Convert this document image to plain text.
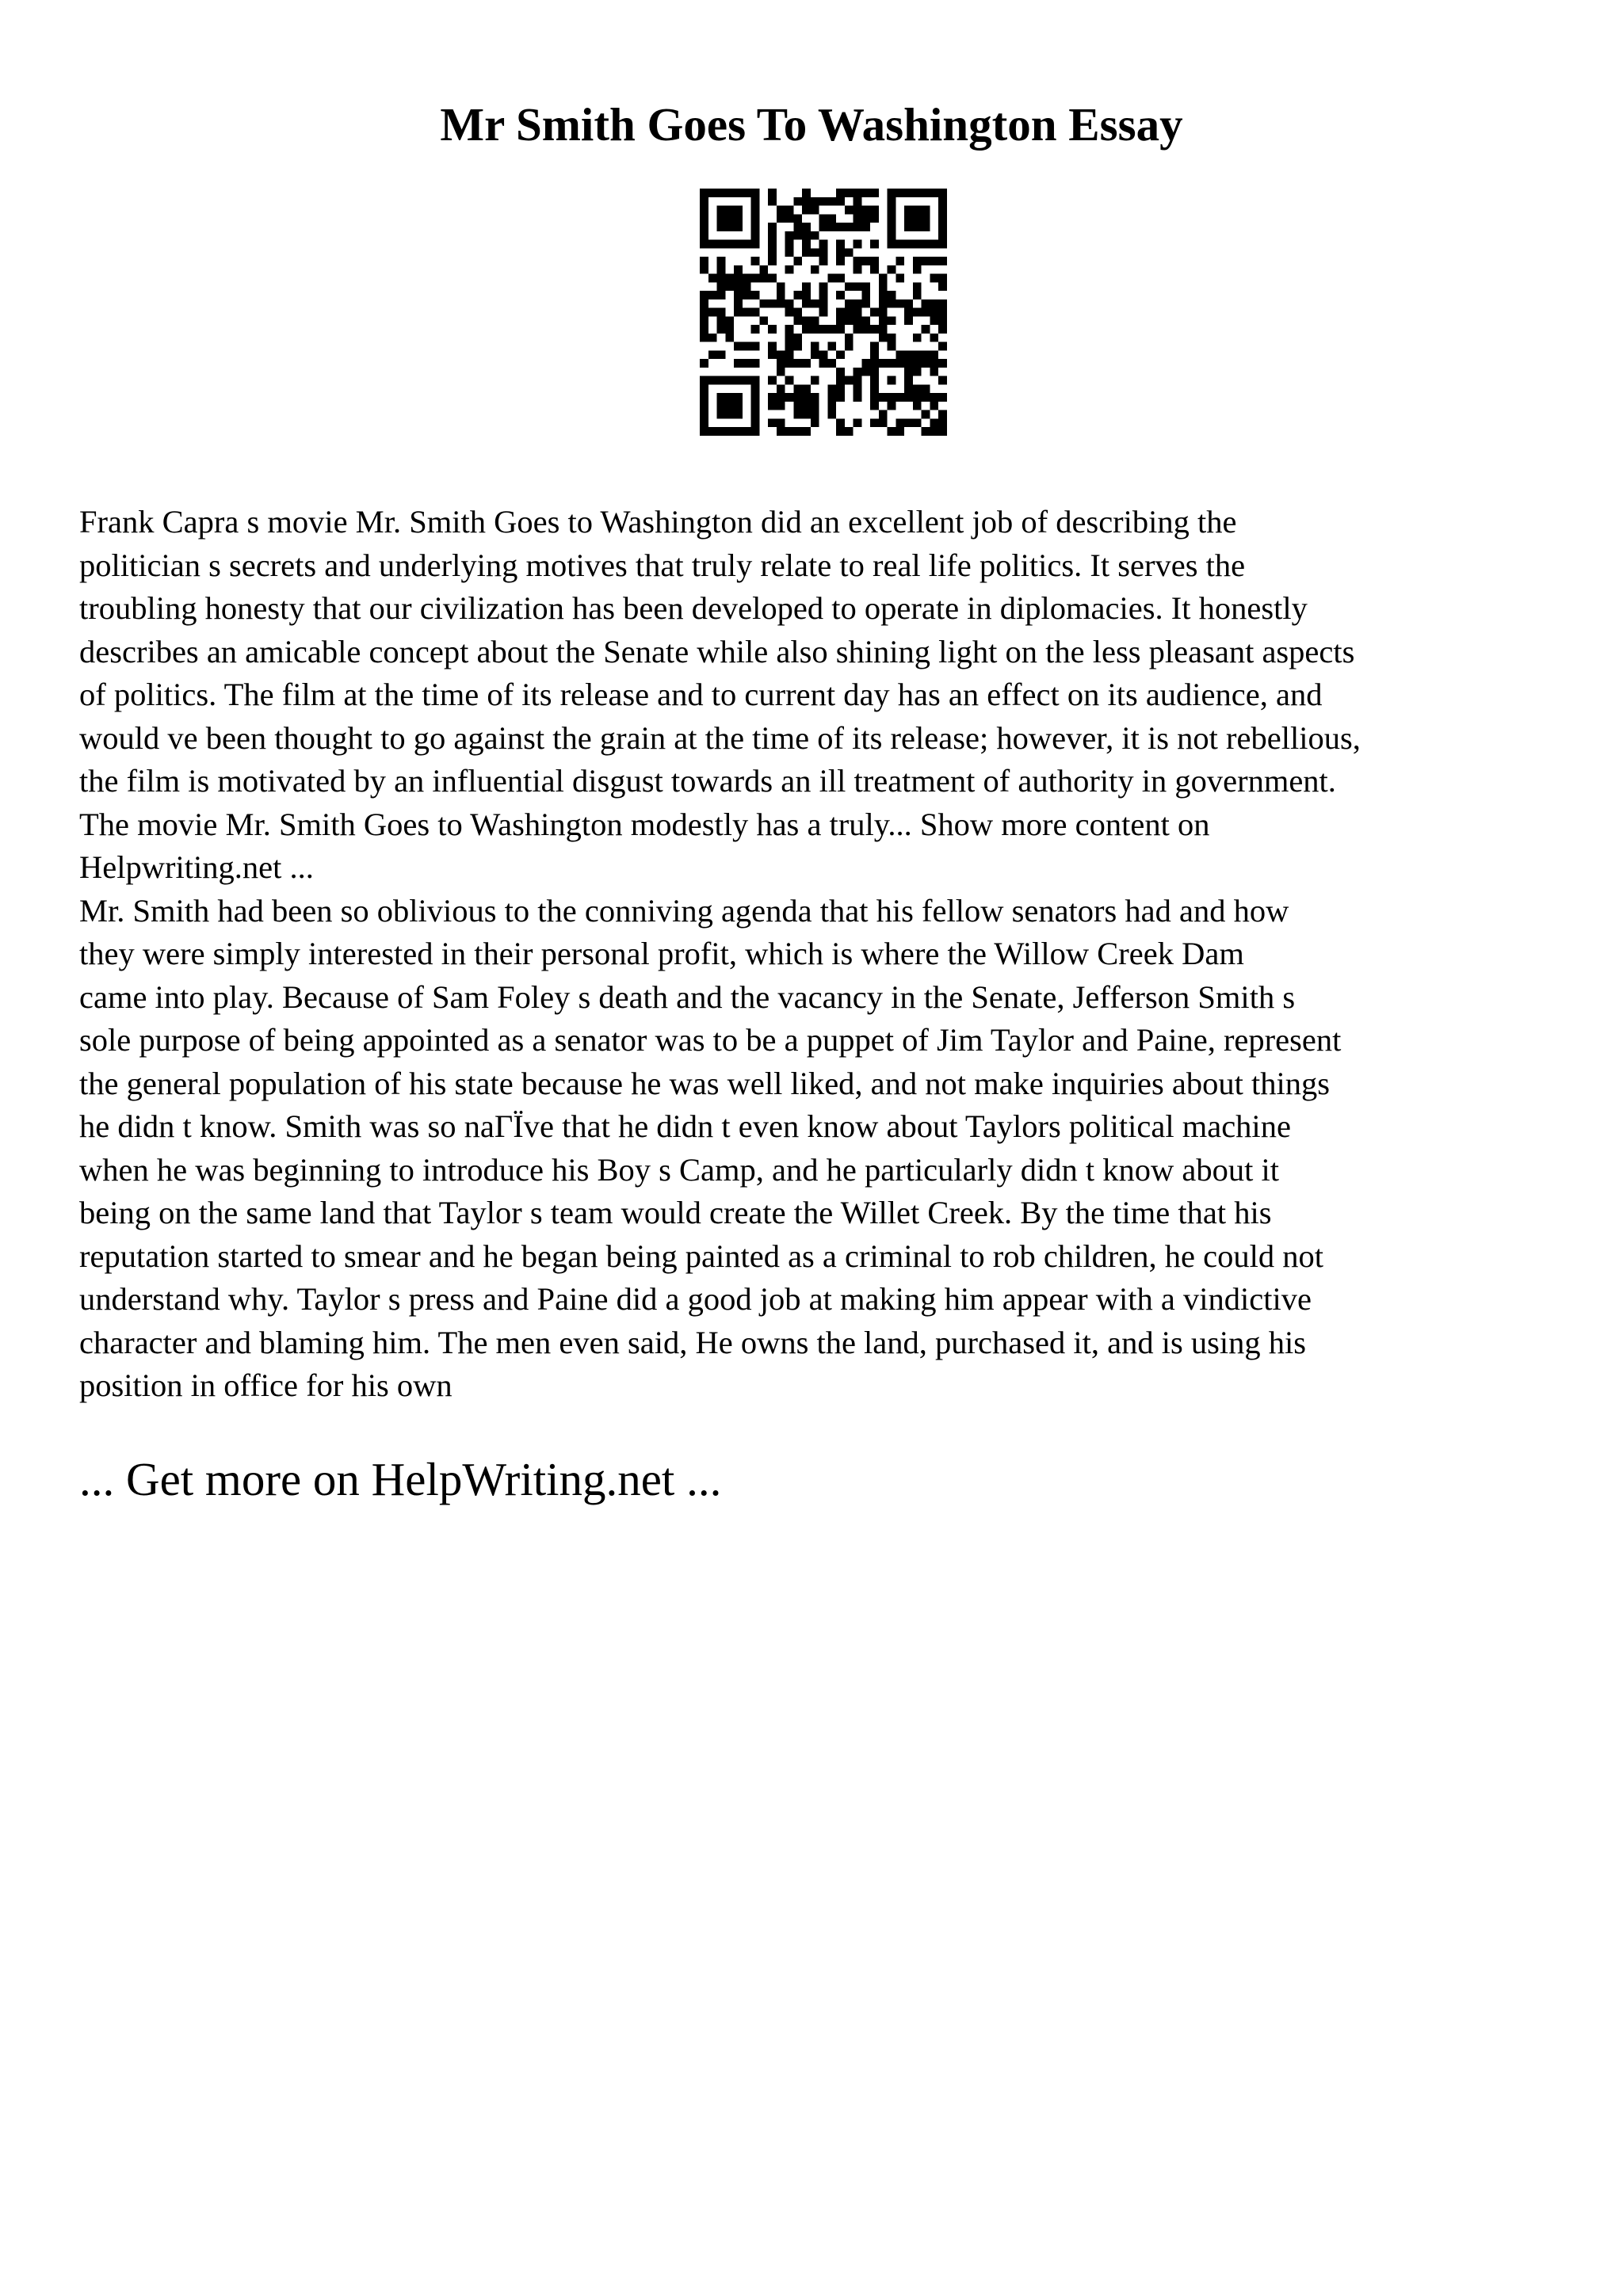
Mr Smith Goes To Washington Essay
Frank Capra s movie Mr. Smith Goes to Washington did an excellent job of describing the
politician s secrets and underlying motives that truly relate to real life politics. It serves the
troubling honesty that our civilization has been developed to operate in diplomacies. It honestly
describes an amicable concept about the Senate while also shining light on the less pleasant aspects
of politics. The film at the time of its release and to current day has an effect on its audience, and
would ve been thought to go against the grain at the time of its release; however, it is not rebellious,
the film is motivated by an influential disgust towards an ill treatment of authority in government.
The movie Mr. Smith Goes to Washington modestly has a truly... Show more content on
Helpwriting.net ...
Mr. Smith had been so oblivious to the conniving agenda that his fellow senators had and how
they were simply interested in their personal profit, which is where the Willow Creek Dam
came into play. Because of Sam Foley s death and the vacancy in the Senate, Jefferson Smith s
sole purpose of being appointed as a senator was to be a puppet of Jim Taylor and Paine, represent
the general population of his state because he was well liked, and not make inquiries about things
he didn t know. Smith was so naΓЇve that he didn t even know about Taylors political machine
when he was beginning to introduce his Boy s Camp, and he particularly didn t know about it
being on the same land that Taylor s team would create the Willet Creek. By the time that his
reputation started to smear and he began being painted as a criminal to rob children, he could not
understand why. Taylor s press and Paine did a good job at making him appear with a vindictive
character and blaming him. The men even said, He owns the land, purchased it, and is using his
position in office for his own
... Get more on HelpWriting.net ...
